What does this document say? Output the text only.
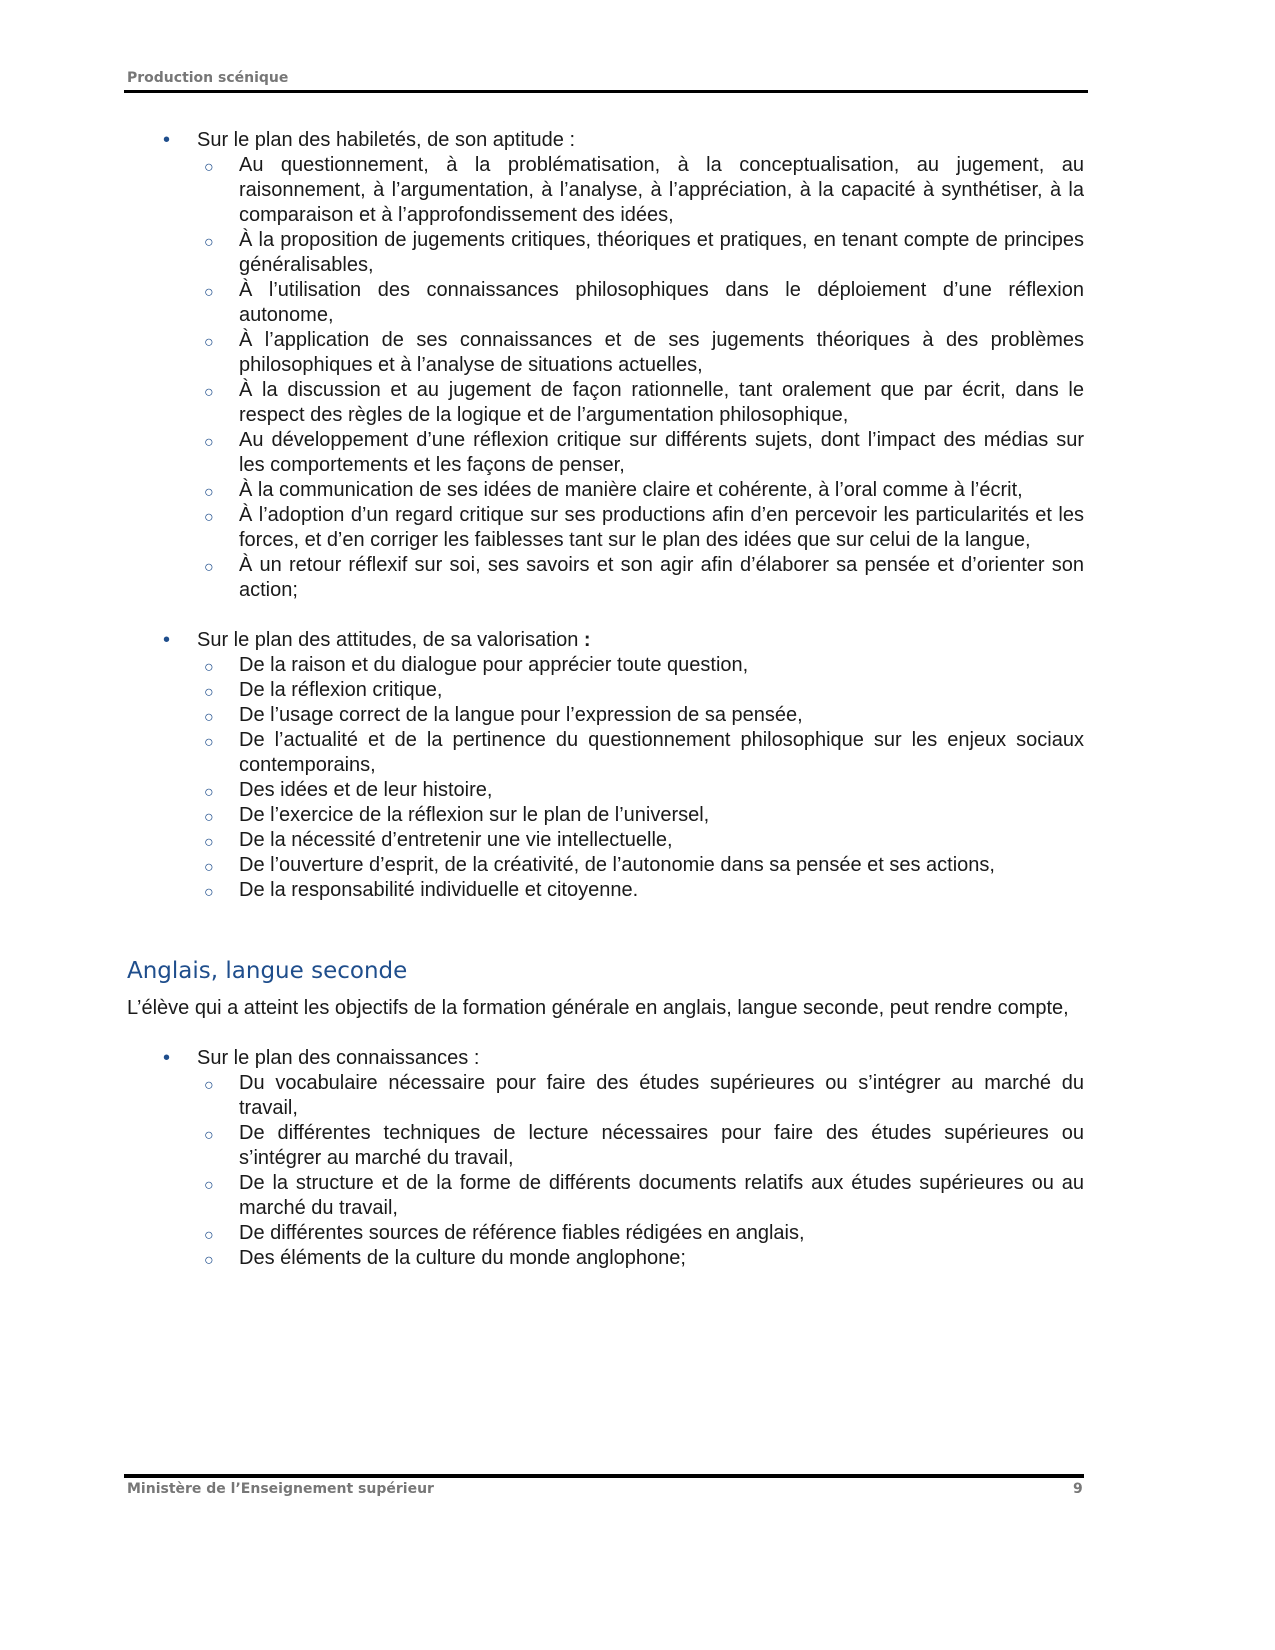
Production scénique
• Sur le plan des habiletés, de son aptitude :
○ Au questionnement, à la problématisation, à la conceptualisation, au jugement, au raisonnement, à l’argumentation, à l’analyse, à l’appréciation, à la capacité à synthétiser, à la comparaison et à l’approfondissement des idées,
○ À la proposition de jugements critiques, théoriques et pratiques, en tenant compte de principes généralisables,
○ À l’utilisation des connaissances philosophiques dans le déploiement d’une réflexion autonome,
○ À l’application de ses connaissances et de ses jugements théoriques à des problèmes philosophiques et à l’analyse de situations actuelles,
○ À la discussion et au jugement de façon rationnelle, tant oralement que par écrit, dans le respect des règles de la logique et de l’argumentation philosophique,
○ Au développement d’une réflexion critique sur différents sujets, dont l’impact des médias sur les comportements et les façons de penser,
○ À la communication de ses idées de manière claire et cohérente, à l’oral comme à l’écrit,
○ À l’adoption d’un regard critique sur ses productions afin d’en percevoir les particularités et les forces, et d’en corriger les faiblesses tant sur le plan des idées que sur celui de la langue,
○ À un retour réflexif sur soi, ses savoirs et son agir afin d’élaborer sa pensée et d’orienter son action;
• Sur le plan des attitudes, de sa valorisation :
○ De la raison et du dialogue pour apprécier toute question,
○ De la réflexion critique,
○ De l’usage correct de la langue pour l’expression de sa pensée,
○ De l’actualité et de la pertinence du questionnement philosophique sur les enjeux sociaux contemporains,
○ Des idées et de leur histoire,
○ De l’exercice de la réflexion sur le plan de l’universel,
○ De la nécessité d’entretenir une vie intellectuelle,
○ De l’ouverture d’esprit, de la créativité, de l’autonomie dans sa pensée et ses actions,
○ De la responsabilité individuelle et citoyenne.
Anglais, langue seconde

L’élève qui a atteint les objectifs de la formation générale en anglais, langue seconde, peut rendre compte,

• Sur le plan des connaissances :
○ Du vocabulaire nécessaire pour faire des études supérieures ou s’intégrer au marché du travail,
○ De différentes techniques de lecture nécessaires pour faire des études supérieures ou s’intégrer au marché du travail,
○ De la structure et de la forme de différents documents relatifs aux études supérieures ou au marché du travail,
○ De différentes sources de référence fiables rédigées en anglais,
○ Des éléments de la culture du monde anglophone;
Ministère de l’Enseignement supérieur	9
